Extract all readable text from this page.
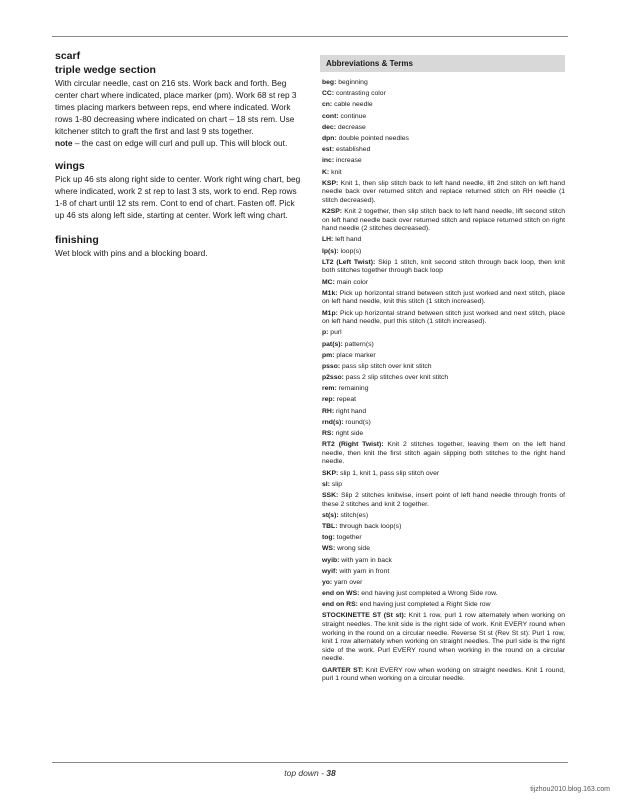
scarf
triple wedge section

With circular needle, cast on 216 sts. Work back and forth. Beg center chart where indicated, place marker (pm). Work 68 st rep 3 times placing markers between reps, end where indicated. Work rows 1-80 decreasing where indicated on chart – 18 sts rem. Use kitchener stitch to graft the first and last 9 sts together.

note – the cast on edge will curl and pull up. This will block out.

wings

Pick up 46 sts along right side to center. Work right wing chart, beg where indicated, work 2 st rep to last 3 sts, work to end. Rep rows 1-8 of chart until 12 sts rem. Cont to end of chart. Fasten off. Pick up 46 sts along left side, starting at center. Work left wing chart.

finishing

Wet block with pins and a blocking board.

Abbreviations & Terms

beg: beginning

CC: contrasting color

cn: cable needle

cont: continue

dec: decrease

dpn: double pointed needles

est: established

inc: increase

K: knit

KSP: Knit 1, then slip stitch back to left hand needle, lift 2nd stitch on left hand needle back over returned stitch and replace returned stitch on RH needle (1 stitch decreased).

K2SP: Knit 2 together, then slip stitch back to left hand needle, lift second stitch on left hand needle back over returned stitch and replace returned stitch on right hand needle (2 stitches decreased).

LH: left hand

lp(s): loop(s)

LT2 (Left Twist): Skip 1 stitch, knit second stitch through back loop, then knit both stitches together through back loop

MC: main color

M1k: Pick up horizontal strand between stitch just worked and next stitch, place on left hand needle, knit this stitch (1 stitch increased).

M1p: Pick up horizontal strand between stitch just worked and next stitch, place on left hand needle, purl this stitch (1 stitch increased).

p: purl

pat(s): pattern(s)

pm: place marker

psso: pass slip stitch over knit stitch

p2sso: pass 2 slip stitches over knit stitch

rem: remaining

rep: repeat

RH: right hand

rnd(s): round(s)

RS: right side

RT2 (Right Twist): Knit 2 stitches together, leaving them on the left hand needle, then knit the first stitch again slipping both stitches to the right hand needle.

SKP: slip 1, knit 1, pass slip stitch over

sl: slip

SSK: Slip 2 stitches knitwise, insert point of left hand needle through fronts of these 2 stitches and knit 2 together.

st(s): stitch(es)

TBL: through back loop(s)

tog: together

WS: wrong side

wyib: with yarn in back

wyif: with yarn in front

yo: yarn over

end on WS: end having just completed a Wrong Side row.

end on RS: end having just completed a Right Side row

STOCKINETTE ST (St st): Knit 1 row, purl 1 row alternately when working on straight needles. The knit side is the right side of work. Knit EVERY round when working in the round on a circular needle. Reverse St st (Rev St st): Purl 1 row, knit 1 row alternately when working on straight needles. The purl side is the right side of the work. Purl EVERY round when working in the round on a circular needle.

GARTER ST: Knit EVERY row when working on straight needles. Knit 1 round, purl 1 round when working on a circular needle.

top down - 38
tijzhou2010.blog.163.com
